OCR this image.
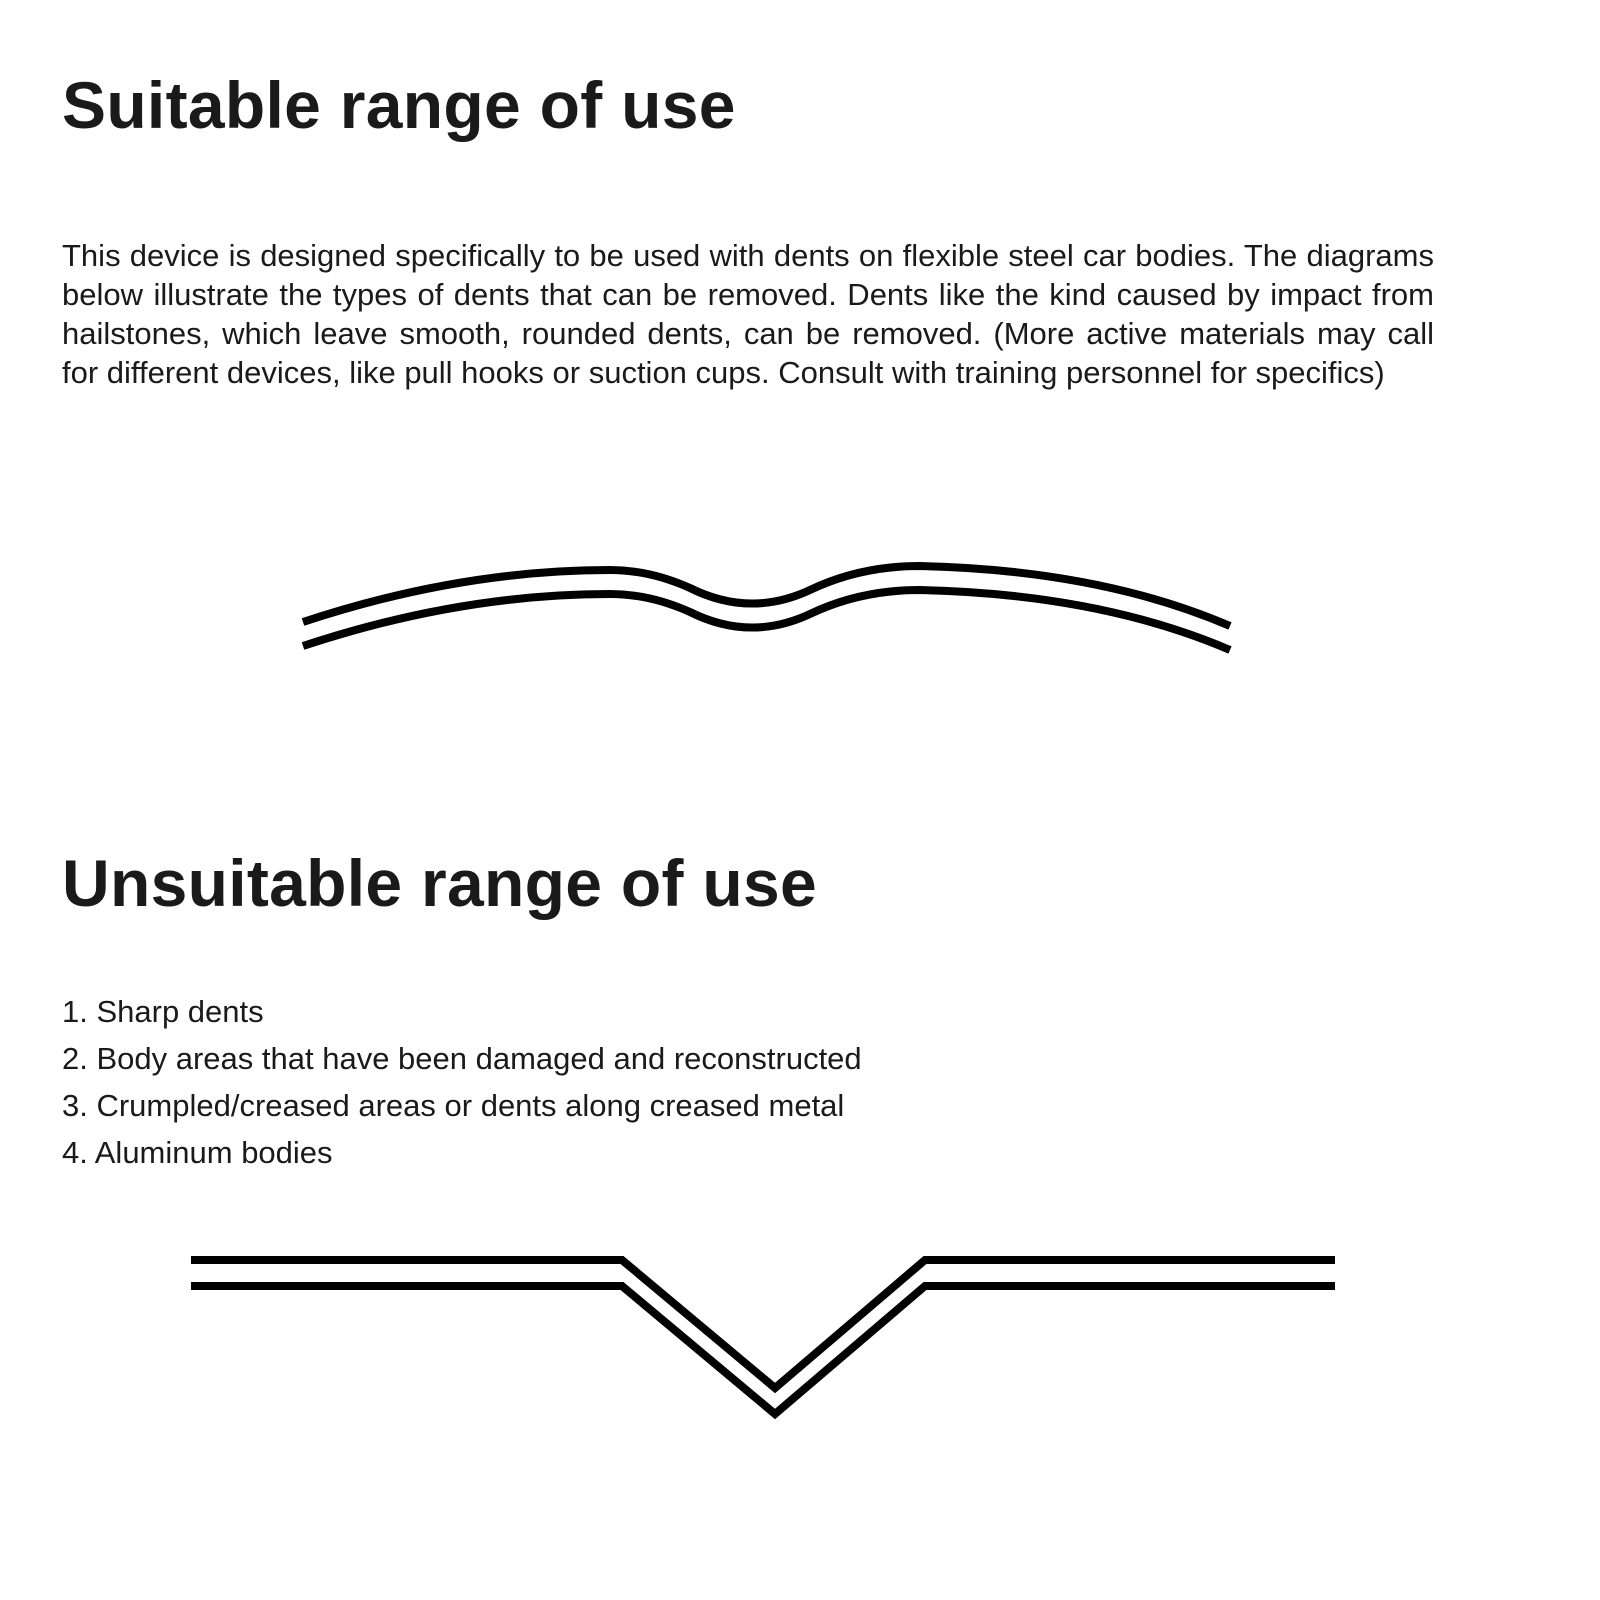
Suitable range of use

This device is designed specifically to be used with dents on flexible steel car bodies. The diagrams below illustrate the types of dents that can be removed. Dents like the kind caused by impact from hailstones, which leave smooth, rounded dents, can be removed. (More active materials may call for different devices, like pull hooks or suction cups. Consult with training personnel for specifics)

Unsuitable range of use
1. Sharp dents
2. Body areas that have been damaged and reconstructed
3. Crumpled/creased areas or dents along creased metal
4. Aluminum bodies
